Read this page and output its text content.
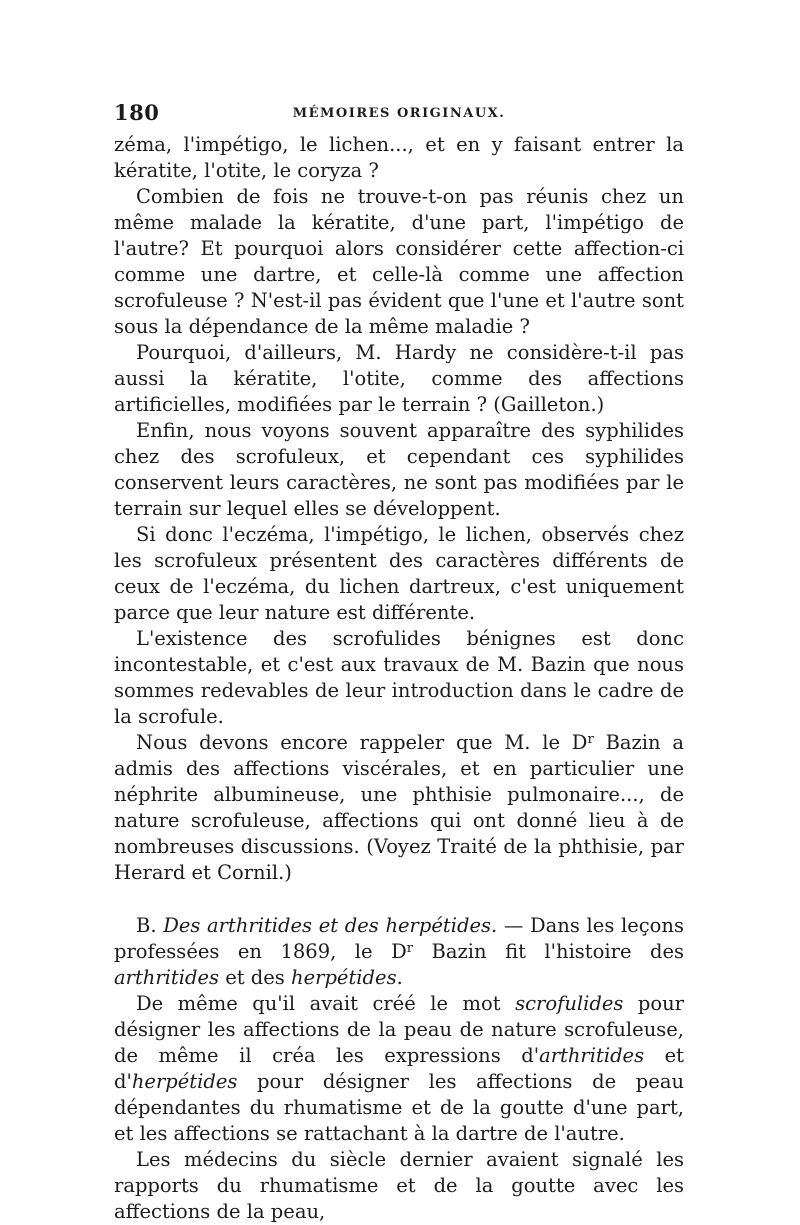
180	MÉMOIRES ORIGINAUX.

zéma, l'impétigo, le lichen..., et en y faisant entrer la kératite, l'otite, le coryza ?

Combien de fois ne trouve-t-on pas réunis chez un même malade la kératite, d'une part, l'impétigo de l'autre? Et pourquoi alors considérer cette affection-ci comme une dartre, et celle-là comme une affection scrofuleuse ? N'est-il pas évident que l'une et l'autre sont sous la dépendance de la même maladie ?

Pourquoi, d'ailleurs, M. Hardy ne considère-t-il pas aussi la kératite, l'otite, comme des affections artificielles, modifiées par le terrain ? (Gailleton.)

Enfin, nous voyons souvent apparaître des syphilides chez des scrofuleux, et cependant ces syphilides conservent leurs caractères, ne sont pas modifiées par le terrain sur lequel elles se développent.

Si donc l'eczéma, l'impétigo, le lichen, observés chez les scrofuleux présentent des caractères différents de ceux de l'eczéma, du lichen dartreux, c'est uniquement parce que leur nature est différente.

L'existence des scrofulides bénignes est donc incontestable, et c'est aux travaux de M. Bazin que nous sommes redevables de leur introduction dans le cadre de la scrofule.

Nous devons encore rappeler que M. le $D^r$ Bazin a admis des affections viscérales, et en particulier une néphrite albumineuse, une phthisie pulmonaire..., de nature scrofuleuse, affections qui ont donné lieu à de nombreuses discussions. (Voyez Traité de la phthisie, par Herard et Cornil.)

B. Des arthritides et des herpétides. — Dans les leçons professées en 1869, le $D^r$ Bazin fit l'histoire des arthritides et des herpétides.

De même qu'il avait créé le mot scrofulides pour désigner les affections de la peau de nature scrofuleuse, de même il créa les expressions d'arthritides et d'herpétides pour désigner les affections de peau dépendantes du rhumatisme et de la goutte d'une part, et les affections se rattachant à la dartre de l'autre.

Les médecins du siècle dernier avaient signalé les rapports du rhumatisme et de la goutte avec les affections de la peau,
